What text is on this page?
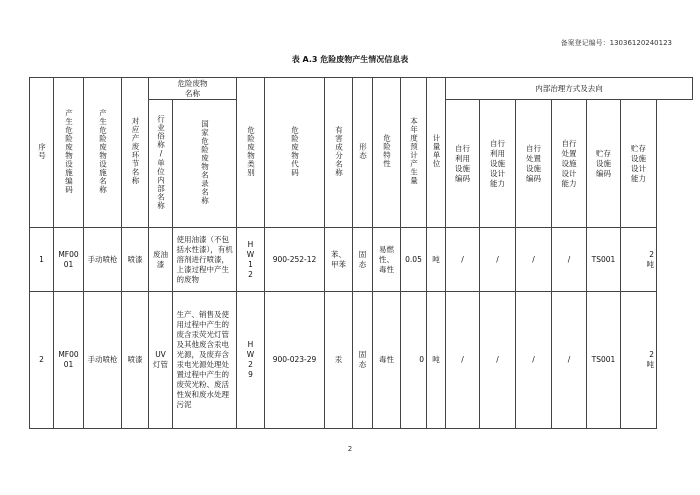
备案登记编号：13036120240123
表 A.3 危险废物产生情况信息表
序号	产生危险废物设施编码	产生危险废物设施名称	对应产废环节名称	危险废物名称		危险废物类别	危险废物代码	有害成分名称	形态	危险特性	本年度预计产生量	计量单位	内部治理方式及去向					
				行业俗称/单位内部名称	国家危险废物名录名称								自行利用设施编码	自行利用设施设计能力	自行处置设施编码	自行处置设施设计能力	贮存设施编码	贮存设施设计能力

1	MF0001	手动喷枪	喷漆	废油漆	使用油漆（不包括水性漆），有机溶剂进行喷漆，上漆过程中产生的废物	HW12	900-252-12	苯、甲苯	固态	易燃性、毒性	0.05	吨	/	/	/	/	TS001	2吨

2	MF0001	手动喷枪	喷漆	UV灯管	生产、销售及使用过程中产生的废含汞荧光灯管及其他废含汞电光源，及废弃含汞电光源处理处置过程中产生的废荧光粉、废活性炭和废水处理污泥	HW29	900-023-29	汞	固态	毒性	0	吨	/	/	/	/	TS001	2吨
2
